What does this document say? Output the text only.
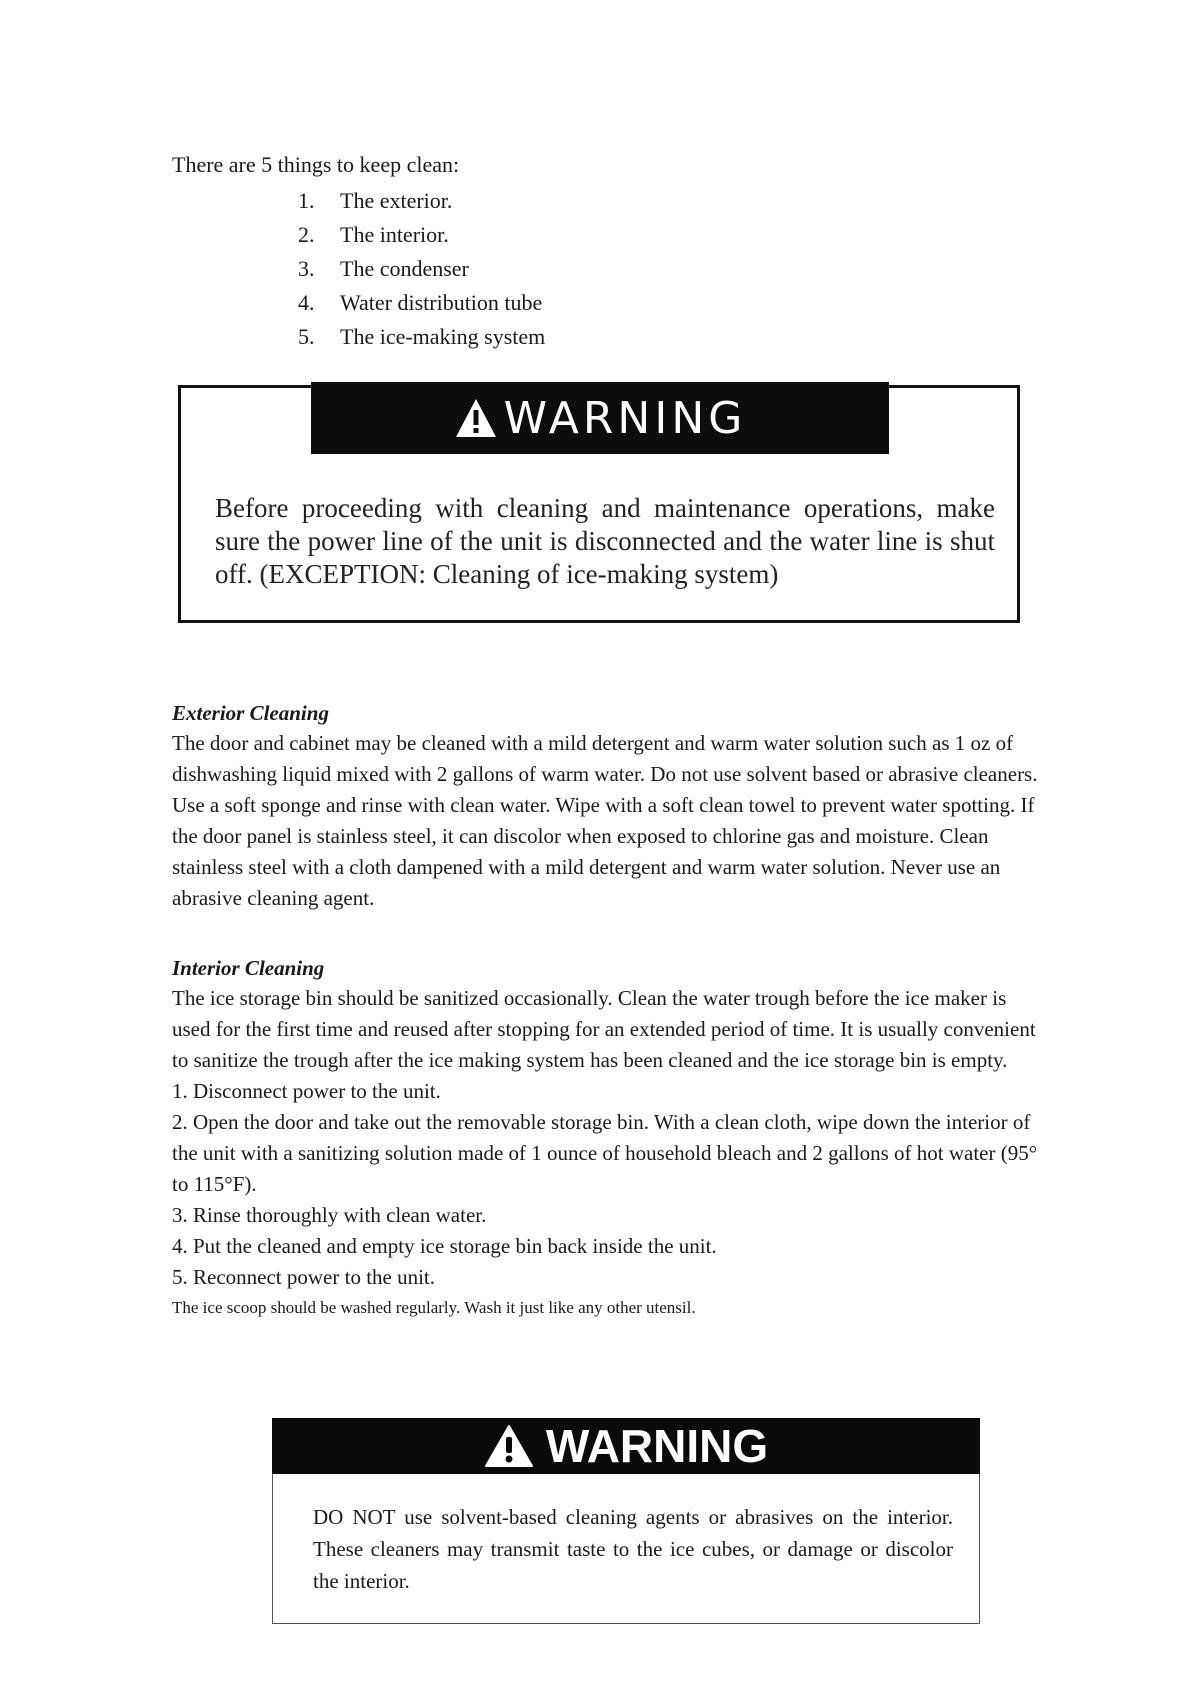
There are 5 things to keep clean:
1.	The exterior.
2.	The interior.
3.	The condenser
4.	Water distribution tube
5.	The ice-making system
WARNING
Before proceeding with cleaning and maintenance operations, make sure the power line of the unit is disconnected and the water line is shut off. (EXCEPTION: Cleaning of ice-making system)
Exterior Cleaning

The door and cabinet may be cleaned with a mild detergent and warm water solution such as 1 oz of dishwashing liquid mixed with 2 gallons of warm water. Do not use solvent based or abrasive cleaners. Use a soft sponge and rinse with clean water. Wipe with a soft clean towel to prevent water spotting. If the door panel is stainless steel, it can discolor when exposed to chlorine gas and moisture. Clean stainless steel with a cloth dampened with a mild detergent and warm water solution. Never use an abrasive cleaning agent.

Interior Cleaning

The ice storage bin should be sanitized occasionally. Clean the water trough before the ice maker is used for the first time and reused after stopping for an extended period of time. It is usually convenient to sanitize the trough after the ice making system has been cleaned and the ice storage bin is empty.

1. Disconnect power to the unit.
2. Open the door and take out the removable storage bin. With a clean cloth, wipe down the interior of the unit with a sanitizing solution made of 1 ounce of household bleach and 2 gallons of hot water (95° to 115°F).
3. Rinse thoroughly with clean water.
4. Put the cleaned and empty ice storage bin back inside the unit.
5. Reconnect power to the unit.
The ice scoop should be washed regularly. Wash it just like any other utensil.
WARNING
DO NOT use solvent-based cleaning agents or abrasives on the interior. These cleaners may transmit taste to the ice cubes, or damage or discolor the interior.
